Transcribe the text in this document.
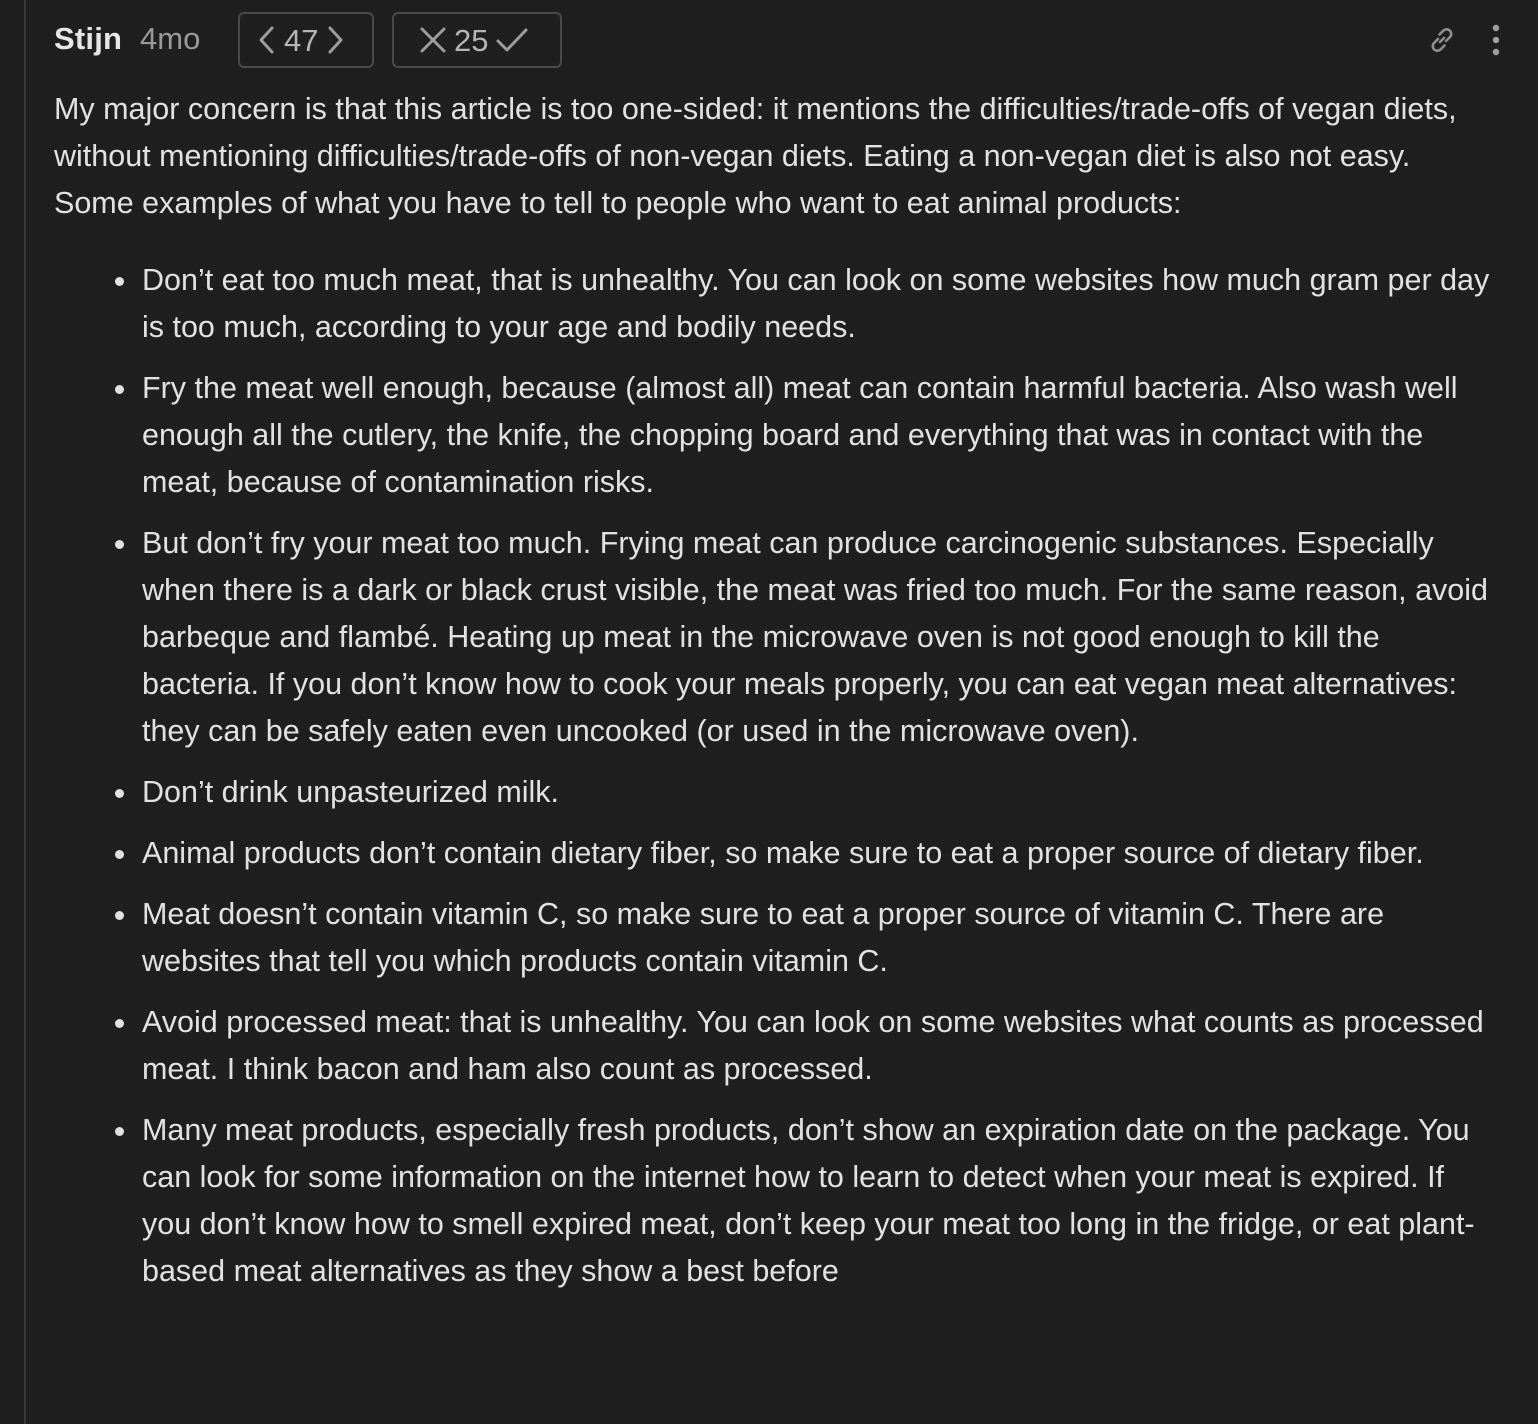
Stijn 4mo	47	25

My major concern is that this article is too one-sided: it mentions the difficulties/trade-offs of vegan diets, without mentioning difficulties/trade-offs of non-vegan diets. Eating a non-vegan diet is also not easy. Some examples of what you have to tell to people who want to eat animal products:

Don’t eat too much meat, that is unhealthy. You can look on some websites how much gram per day is too much, according to your age and bodily needs.
Fry the meat well enough, because (almost all) meat can contain harmful bacteria. Also wash well enough all the cutlery, the knife, the chopping board and everything that was in contact with the meat, because of contamination risks.
But don’t fry your meat too much. Frying meat can produce carcinogenic substances. Especially when there is a dark or black crust visible, the meat was fried too much. For the same reason, avoid barbeque and flambé. Heating up meat in the microwave oven is not good enough to kill the bacteria. If you don’t know how to cook your meals properly, you can eat vegan meat alternatives: they can be safely eaten even uncooked (or used in the microwave oven).
Don’t drink unpasteurized milk.
Animal products don’t contain dietary fiber, so make sure to eat a proper source of dietary fiber.
Meat doesn’t contain vitamin C, so make sure to eat a proper source of vitamin C. There are websites that tell you which products contain vitamin C.
Avoid processed meat: that is unhealthy. You can look on some websites what counts as processed meat. I think bacon and ham also count as processed.
Many meat products, especially fresh products, don’t show an expiration date on the package. You can look for some information on the internet how to learn to detect when your meat is expired. If you don’t know how to smell expired meat, don’t keep your meat too long in the fridge, or eat plant-based meat alternatives as they show a best before
